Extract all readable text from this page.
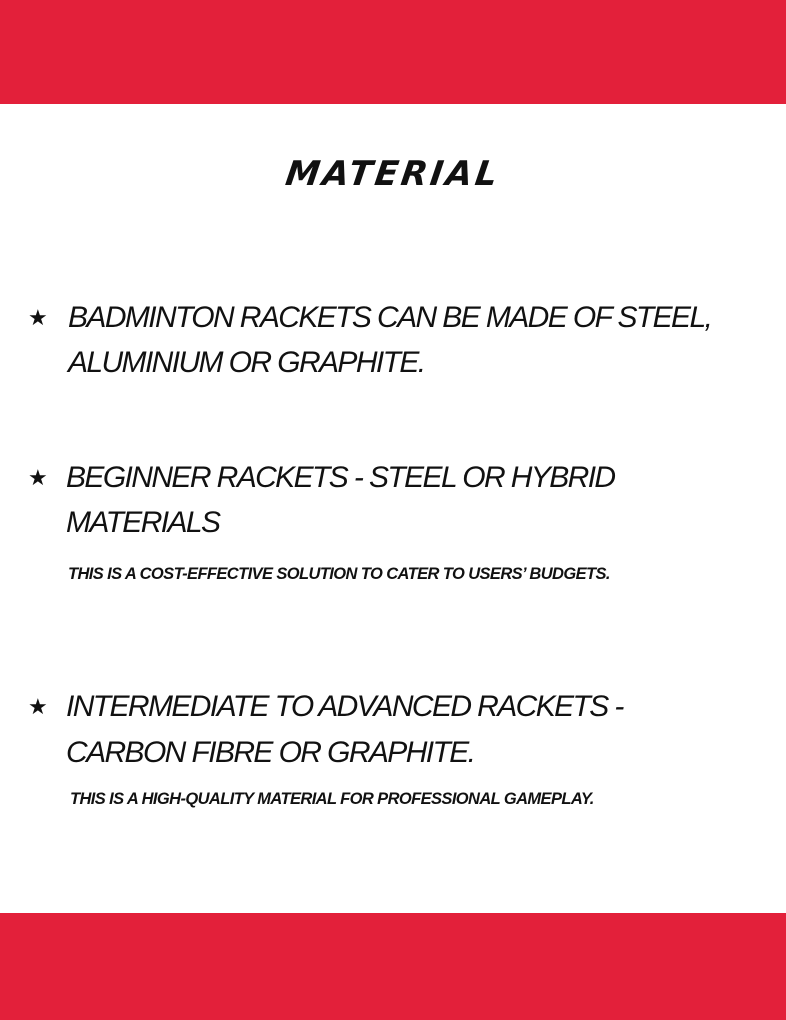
MATERIAL
★ BADMINTON RACKETS CAN BE MADE OF STEEL,
ALUMINIUM OR GRAPHITE.
★ BEGINNER RACKETS - STEEL OR HYBRID
MATERIALS
THIS IS A COST-EFFECTIVE SOLUTION TO CATER TO USERS’ BUDGETS.
★ INTERMEDIATE TO ADVANCED RACKETS -
CARBON FIBRE OR GRAPHITE.
THIS IS A HIGH-QUALITY MATERIAL FOR PROFESSIONAL GAMEPLAY.
